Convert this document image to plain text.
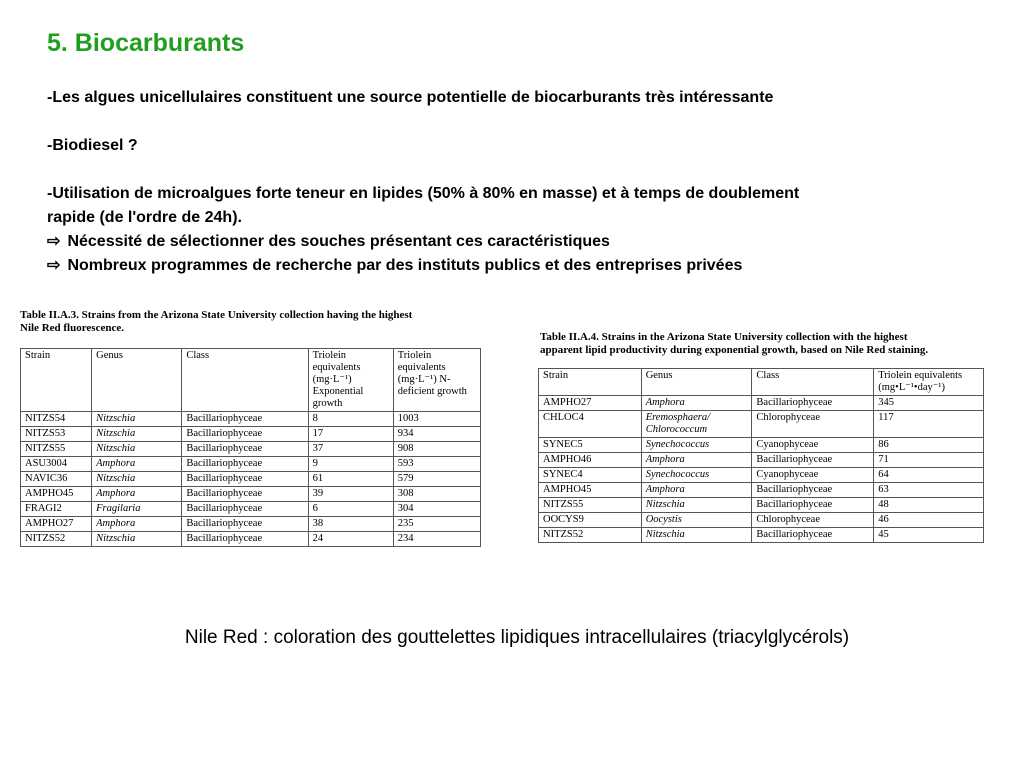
5. Biocarburants
-Les algues unicellulaires constituent une source potentielle de biocarburants très intéressante
-Biodiesel ?
-Utilisation de microalgues forte teneur en lipides (50% à 80% en masse) et à temps de doublement
rapide (de l'ordre de 24h).
⇨ Nécessité de sélectionner des souches présentant ces caractéristiques
⇨ Nombreux programmes de recherche par des instituts publics et des entreprises privées
Table II.A.3. Strains from the Arizona State University collection having the highest
Nile Red fluorescence.
Strain	Genus	Class	Triolein equivalents (mg·L⁻¹) Exponential growth	Triolein equivalents (mg·L⁻¹) N-deficient growth
NITZS54	Nitzschia	Bacillariophyceae	8	1003
NITZS53	Nitzschia	Bacillariophyceae	17	934
NITZS55	Nitzschia	Bacillariophyceae	37	908
ASU3004	Amphora	Bacillariophyceae	9	593
NAVIC36	Nitzschia	Bacillariophyceae	61	579
AMPHO45	Amphora	Bacillariophyceae	39	308
FRAGI2	Fragilaria	Bacillariophyceae	6	304
AMPHO27	Amphora	Bacillariophyceae	38	235
NITZS52	Nitzschia	Bacillariophyceae	24	234
Table II.A.4. Strains in the Arizona State University collection with the highest
apparent lipid productivity during exponential growth, based on Nile Red staining.
Strain	Genus	Class	Triolein equivalents (mg•L⁻¹•day⁻¹)
AMPHO27	Amphora	Bacillariophyceae	345
CHLOC4	Eremosphaera/ Chlorococcum	Chlorophyceae	117
SYNEC5	Synechococcus	Cyanophyceae	86
AMPHO46	Amphora	Bacillariophyceae	71
SYNEC4	Synechococcus	Cyanophyceae	64
AMPHO45	Amphora	Bacillariophyceae	63
NITZS55	Nitzschia	Bacillariophyceae	48
OOCYS9	Oocystis	Chlorophyceae	46
NITZS52	Nitzschia	Bacillariophyceae	45
Nile Red : coloration des gouttelettes lipidiques intracellulaires (triacylglycérols)
